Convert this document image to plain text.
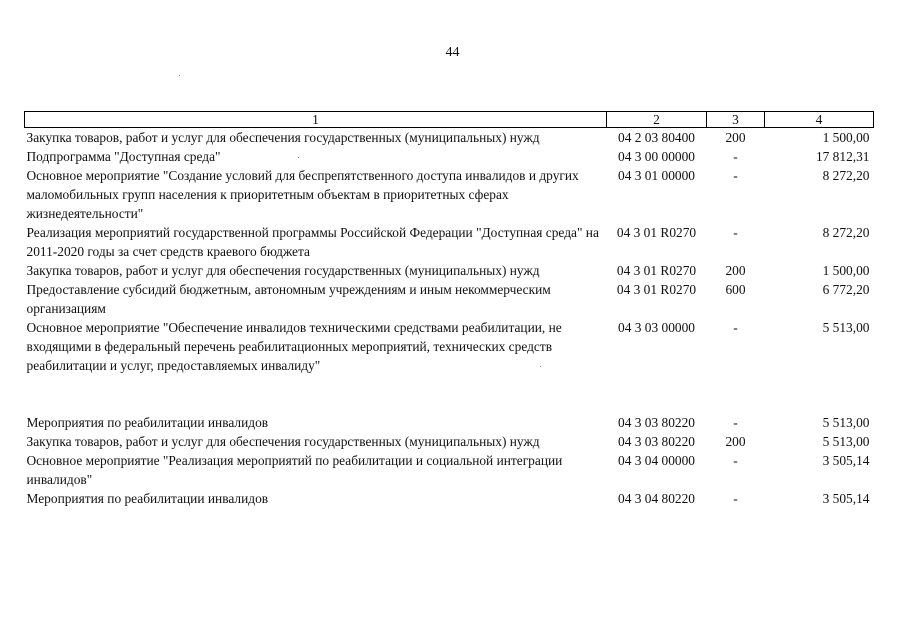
44
1	2	3	4
Закупка товаров, работ и услуг для обеспечения государственных (муниципальных) нужд	04 2 03 80400	200	1 500,00
Подпрограмма "Доступная среда"	04 3 00 00000	-	17 812,31
Основное мероприятие "Создание условий для беспрепятственного доступа инвалидов и других маломобильных групп населения к приоритетным объектам в приоритетных сферах жизнедеятельности"	04 3 01 00000	-	8 272,20
Реализация мероприятий государственной программы Российской Федерации "Доступная среда" на 2011-2020 годы за счет средств краевого бюджета	04 3 01 R0270	-	8 272,20
Закупка товаров, работ и услуг для обеспечения государственных (муниципальных) нужд	04 3 01 R0270	200	1 500,00
Предоставление субсидий бюджетным, автономным учреждениям и иным некоммерческим организациям	04 3 01 R0270	600	6 772,20
Основное мероприятие "Обеспечение инвалидов техническими средствами реабилитации, не входящими в федеральный перечень реабилитационных мероприятий, технических средств реабилитации и услуг, предоставляемых инвалиду"	04 3 03 00000	-	5 513,00

Мероприятия по реабилитации инвалидов	04 3 03 80220	-	5 513,00
Закупка товаров, работ и услуг для обеспечения государственных (муниципальных) нужд	04 3 03 80220	200	5 513,00
Основное мероприятие "Реализация мероприятий по реабилитации и социальной интеграции инвалидов"	04 3 04 00000	-	3 505,14
Мероприятия по реабилитации инвалидов	04 3 04 80220	-	3 505,14
